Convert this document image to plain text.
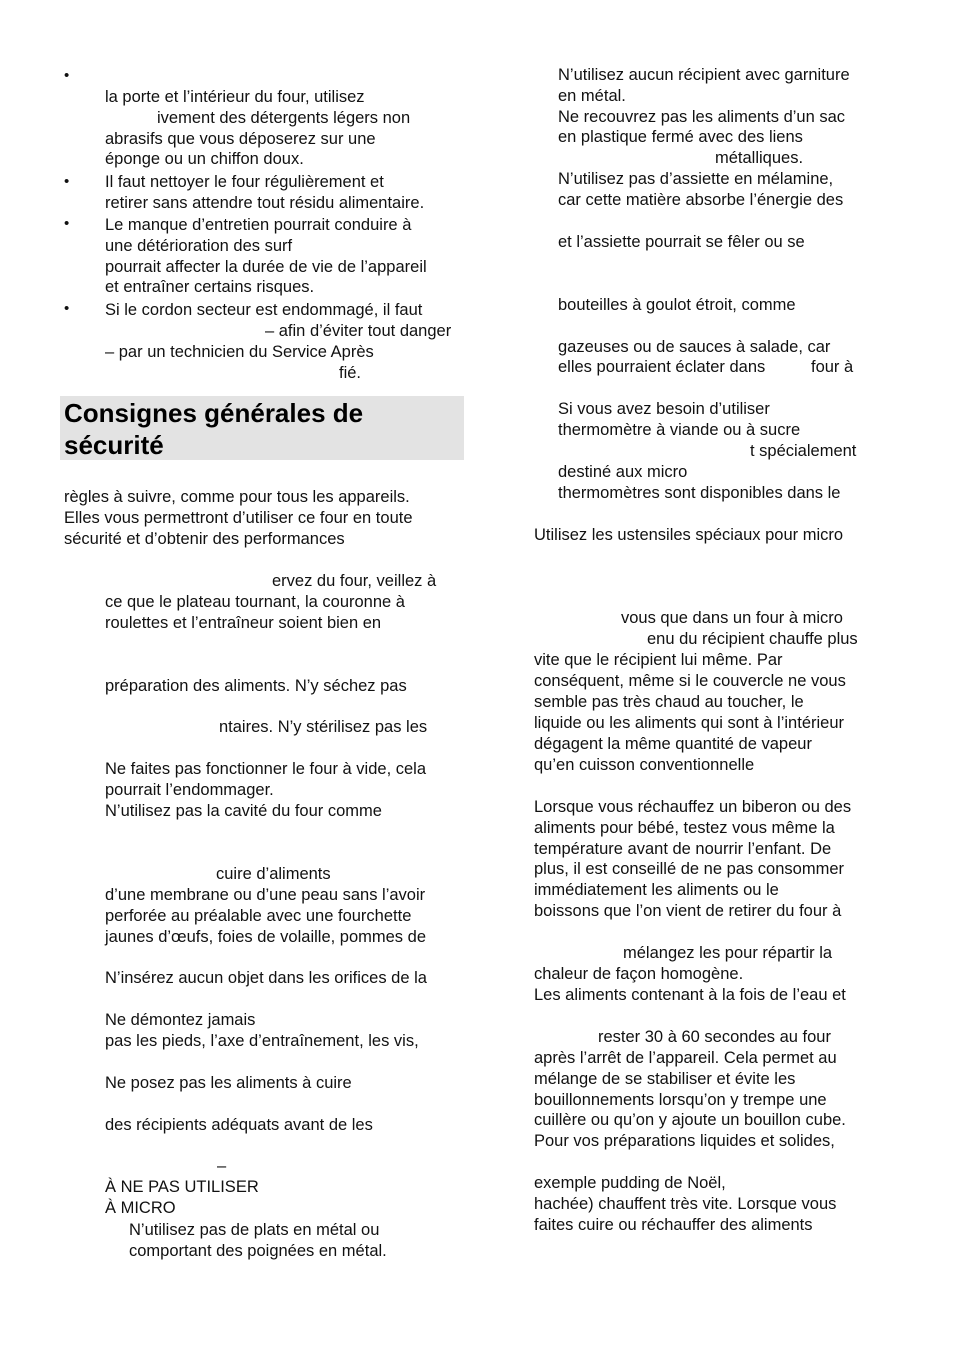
•
•
•
•
la porte et l’intérieur du four, utilisez
ivement des détergents légers non
abrasifs que vous déposerez sur une
éponge ou un chiffon doux.
Il faut nettoyer le four régulièrement et
retirer sans attendre tout résidu alimentaire.
Le manque d’entretien pourrait conduire à
une détérioration des surf
pourrait affecter la durée de vie de l’appareil
et entraîner certains risques.
Si le cordon secteur est endommagé, il faut
– afin d’éviter tout danger
– par un technicien du Service Après
fié.
Consignes générales de
sécurité
règles à suivre, comme pour tous les appareils.
Elles vous permettront d’utiliser ce four en toute
sécurité et d’obtenir des performances
ervez du four, veillez à
ce que le plateau tournant, la couronne à
roulettes et l’entraîneur soient bien en
préparation des aliments. N’y séchez pas
ntaires. N’y stérilisez pas les
Ne faites pas fonctionner le four à vide, cela
pourrait l’endommager.
N’utilisez pas la cavité du four comme
cuire d’aliments
d’une membrane ou d’une peau sans l’avoir
perforée au préalable avec une fourchette
jaunes d’œufs, foies de volaille, pommes de
N’insérez aucun objet dans les orifices de la
Ne démontez jamais
pas les pieds, l’axe d’entraînement, les vis,
Ne posez pas les aliments à cuire
des récipients adéquats avant de les
–
À NE PAS UTILISER
À MICRO
N’utilisez pas de plats en métal ou
comportant des poignées en métal.
N’utilisez aucun récipient avec garniture
en métal.
Ne recouvrez pas les aliments d’un sac
en plastique fermé avec des liens
métalliques.
N’utilisez pas d’assiette en mélamine,
car cette matière absorbe l’énergie des
et l’assiette pourrait se fêler ou se
bouteilles à goulot étroit, comme
gazeuses ou de sauces à salade, car
elles pourraient éclater dans	four à
Si vous avez besoin d’utiliser
thermomètre à viande ou à sucre
t spécialement
destiné aux micro
thermomètres sont disponibles dans le
Utilisez les ustensiles spéciaux pour micro
vous que dans un four à micro
enu du récipient chauffe plus
vite que le récipient lui même. Par
conséquent, même si le couvercle ne vous
semble pas très chaud au toucher, le
liquide ou les aliments qui sont à l’intérieur
dégagent la même quantité de vapeur
qu’en cuisson conventionnelle
Lorsque vous réchauffez un biberon ou des
aliments pour bébé, testez vous même la
température avant de nourrir l’enfant. De
plus, il est conseillé de ne pas consommer
immédiatement les aliments ou le
boissons que l’on vient de retirer du four à
mélangez les pour répartir la
chaleur de façon homogène.
Les aliments contenant à la fois de l’eau et
rester 30 à 60 secondes au four
après l’arrêt de l’appareil. Cela permet au
mélange de se stabiliser et évite les
bouillonnements lorsqu’on y trempe une
cuillère ou qu’on y ajoute un bouillon cube.
Pour vos préparations liquides et solides,
exemple pudding de Noël,
hachée) chauffent très vite. Lorsque vous
faites cuire ou réchauffer des aliments
